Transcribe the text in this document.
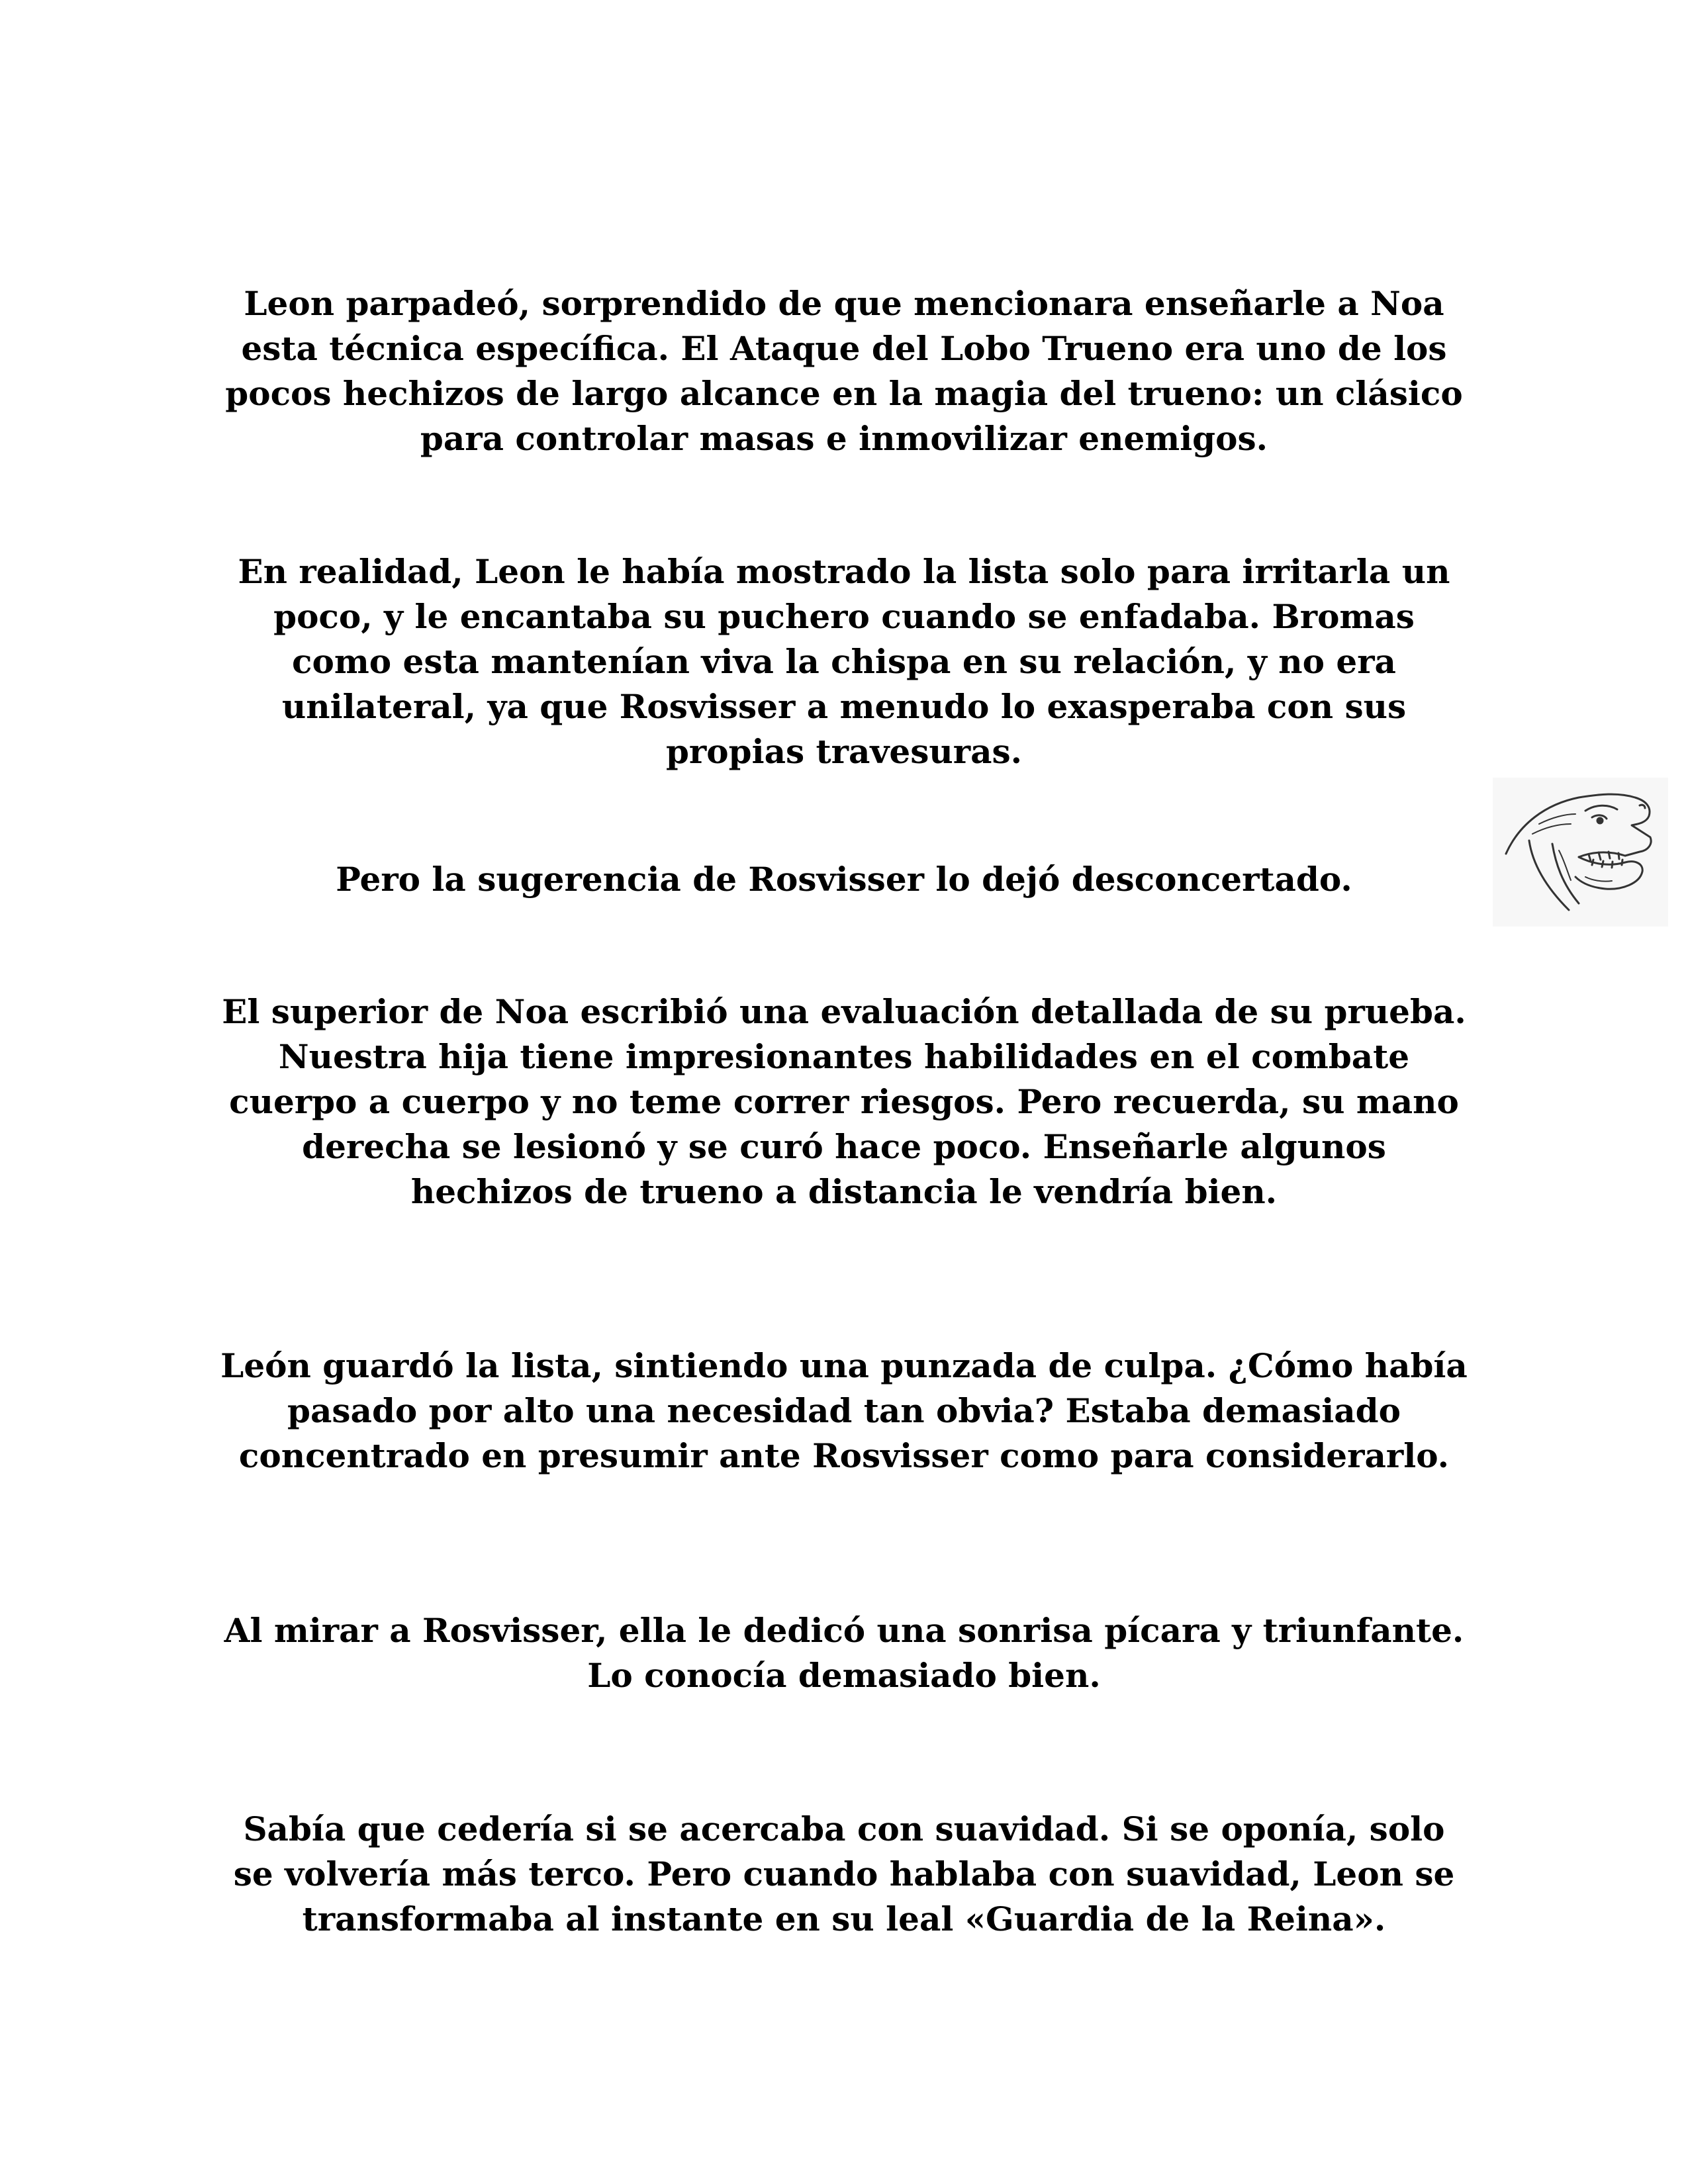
Leon parpadeó, sorprendido de que mencionara enseñarle a Noa esta técnica específica. El Ataque del Lobo Trueno era uno de los pocos hechizos de largo alcance en la magia del trueno: un clásico para controlar masas e inmovilizar enemigos.

En realidad, Leon le había mostrado la lista solo para irritarla un poco, y le encantaba su puchero cuando se enfadaba. Bromas como esta mantenían viva la chispa en su relación, y no era unilateral, ya que Rosvisser a menudo lo exasperaba con sus propias travesuras.

Pero la sugerencia de Rosvisser lo dejó desconcertado.

El superior de Noa escribió una evaluación detallada de su prueba. Nuestra hija tiene impresionantes habilidades en el combate cuerpo a cuerpo y no teme correr riesgos. Pero recuerda, su mano derecha se lesionó y se curó hace poco. Enseñarle algunos hechizos de trueno a distancia le vendría bien.

León guardó la lista, sintiendo una punzada de culpa. ¿Cómo había pasado por alto una necesidad tan obvia? Estaba demasiado concentrado en presumir ante Rosvisser como para considerarlo.

Al mirar a Rosvisser, ella le dedicó una sonrisa pícara y triunfante. Lo conocía demasiado bien.

Sabía que cedería si se acercaba con suavidad. Si se oponía, solo se volvería más terco. Pero cuando hablaba con suavidad, Leon se transformaba al instante en su leal «Guardia de la Reina».
